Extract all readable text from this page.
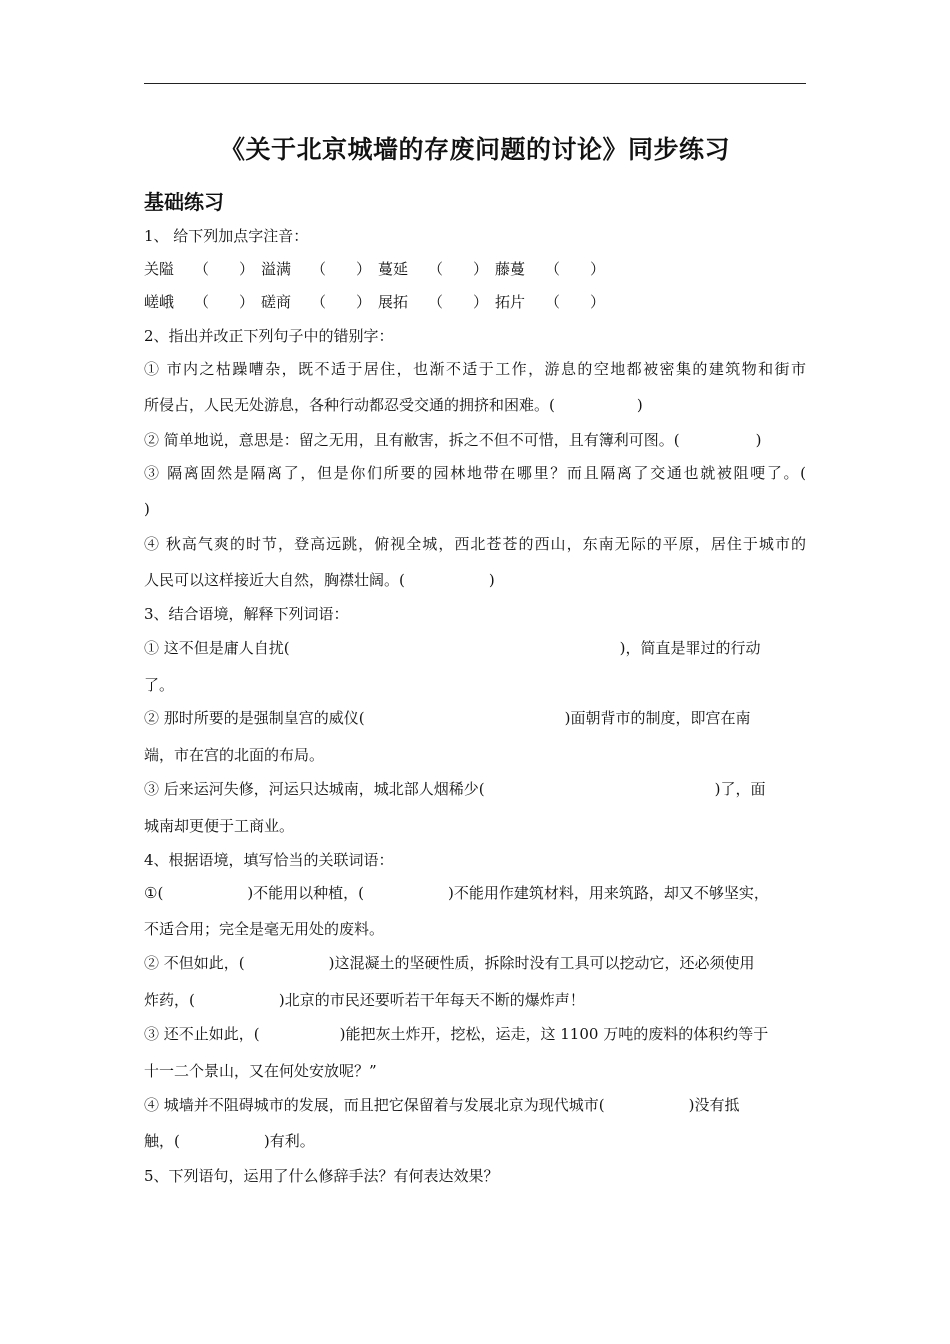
《关于北京城墙的存废问题的讨论》同步练习
基础练习
1、 给下列加点字注音：
关隘 （　　） 溢满 （　　） 蔓延 （　　） 藤蔓 （　　）
嵯峨 （　　） 磋商 （　　） 展拓 （　　） 拓片 （　　）
2、指出并改正下列句子中的错别字：
① 市内之枯躁嘈杂，既不适于居住，也渐不适于工作，游息的空地都被密集的建筑物和街市
所侵占，人民无处游息，各种行动都忍受交通的拥挤和困难。(	)
② 简单地说，意思是：留之无用，且有敝害，拆之不但不可惜，且有簿利可图。(	)
③ 隔离固然是隔离了，但是你们所要的园林地带在哪里？而且隔离了交通也就被阻哽了。(
)
④ 秋高气爽的时节，登高远跳，俯视全城，西北苍苍的西山，东南无际的平原，居住于城市的
人民可以这样接近大自然，胸襟壮阔。(	)
3、结合语境，解释下列词语：
① 这不但是庸人自扰(	)，简直是罪过的行动
了。
② 那时所要的是强制皇宫的威仪(	)面朝背市的制度，即宫在南
端，市在宫的北面的布局。
③ 后来运河失修，河运只达城南，城北部人烟稀少(	)了，面
城南却更便于工商业。
4、根据语境，填写恰当的关联词语：
①(	)不能用以种植，(	)不能用作建筑材料，用来筑路，却又不够坚实，
不适合用；完全是毫无用处的废料。
② 不但如此，(	)这混凝土的坚硬性质，拆除时没有工具可以挖动它，还必须使用
炸药，(	)北京的市民还要听若干年每天不断的爆炸声！
③ 还不止如此，(	)能把灰土炸开，挖松，运走，这 1100 万吨的废料的体积约等于
十一二个景山，又在何处安放呢？”
④ 城墙并不阻碍城市的发展，而且把它保留着与发展北京为现代城市(	)没有抵
触，(	)有利。
5、下列语句，运用了什么修辞手法？有何表达效果？
